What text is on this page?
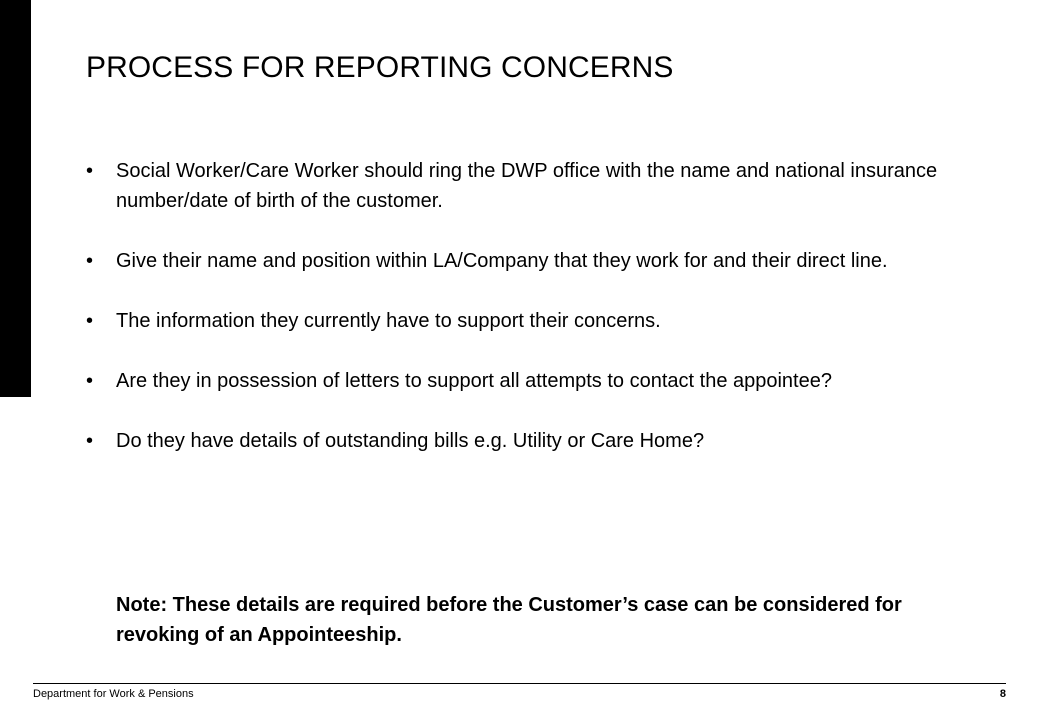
PROCESS FOR REPORTING CONCERNS
• Social Worker/Care Worker should ring the DWP office with the name and national insurance number/date of birth of the customer.
• Give their name and position within LA/Company that they work for and their direct line.
• The information they currently have to support their concerns.
• Are they in possession of letters to support all attempts to contact the appointee?
• Do they have details of outstanding bills e.g. Utility or Care Home?

Note: These details are required before the Customer’s case can be considered for revoking of an Appointeeship.

Department for Work & Pensions	8
